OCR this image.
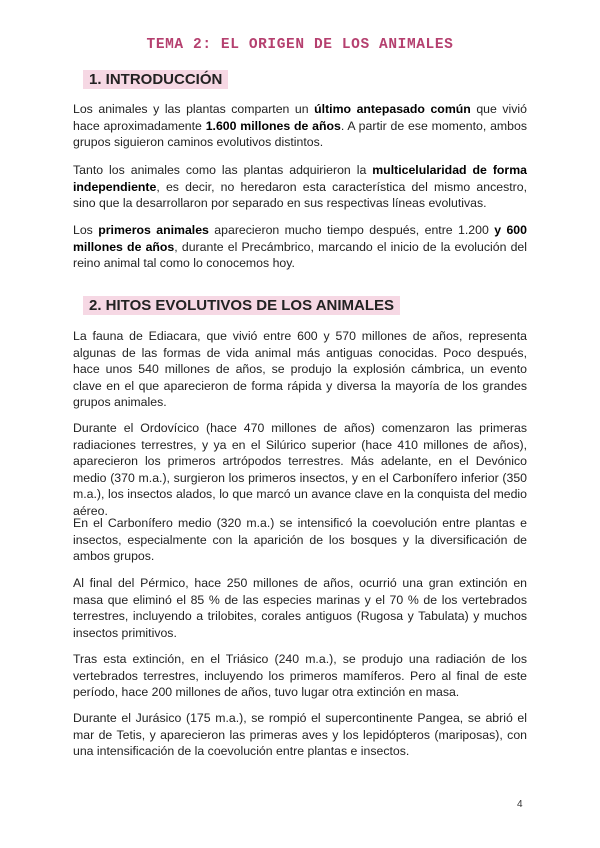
TEMA 2: EL ORIGEN DE LOS ANIMALES
1. INTRODUCCIÓN

Los animales y las plantas comparten un último antepasado común que vivió hace aproximadamente 1.600 millones de años. A partir de ese momento, ambos grupos siguieron caminos evolutivos distintos.

Tanto los animales como las plantas adquirieron la multicelularidad de forma independiente, es decir, no heredaron esta característica del mismo ancestro, sino que la desarrollaron por separado en sus respectivas líneas evolutivas.

Los primeros animales aparecieron mucho tiempo después, entre 1.200 y 600 millones de años, durante el Precámbrico, marcando el inicio de la evolución del reino animal tal como lo conocemos hoy.

2. HITOS EVOLUTIVOS DE LOS ANIMALES

La fauna de Ediacara, que vivió entre 600 y 570 millones de años, representa algunas de las formas de vida animal más antiguas conocidas. Poco después, hace unos 540 millones de años, se produjo la explosión cámbrica, un evento clave en el que aparecieron de forma rápida y diversa la mayoría de los grandes grupos animales.

Durante el Ordovícico (hace 470 millones de años) comenzaron las primeras radiaciones terrestres, y ya en el Silúrico superior (hace 410 millones de años), aparecieron los primeros artrópodos terrestres. Más adelante, en el Devónico medio (370 m.a.), surgieron los primeros insectos, y en el Carbonífero inferior (350 m.a.), los insectos alados, lo que marcó un avance clave en la conquista del medio aéreo.

En el Carbonífero medio (320 m.a.) se intensificó la coevolución entre plantas e insectos, especialmente con la aparición de los bosques y la diversificación de ambos grupos.

Al final del Pérmico, hace 250 millones de años, ocurrió una gran extinción en masa que eliminó el 85 % de las especies marinas y el 70 % de los vertebrados terrestres, incluyendo a trilobites, corales antiguos (Rugosa y Tabulata) y muchos insectos primitivos.

Tras esta extinción, en el Triásico (240 m.a.), se produjo una radiación de los vertebrados terrestres, incluyendo los primeros mamíferos. Pero al final de este período, hace 200 millones de años, tuvo lugar otra extinción en masa.

Durante el Jurásico (175 m.a.), se rompió el supercontinente Pangea, se abrió el mar de Tetis, y aparecieron las primeras aves y los lepidópteros (mariposas), con una intensificación de la coevolución entre plantas e insectos.

4
